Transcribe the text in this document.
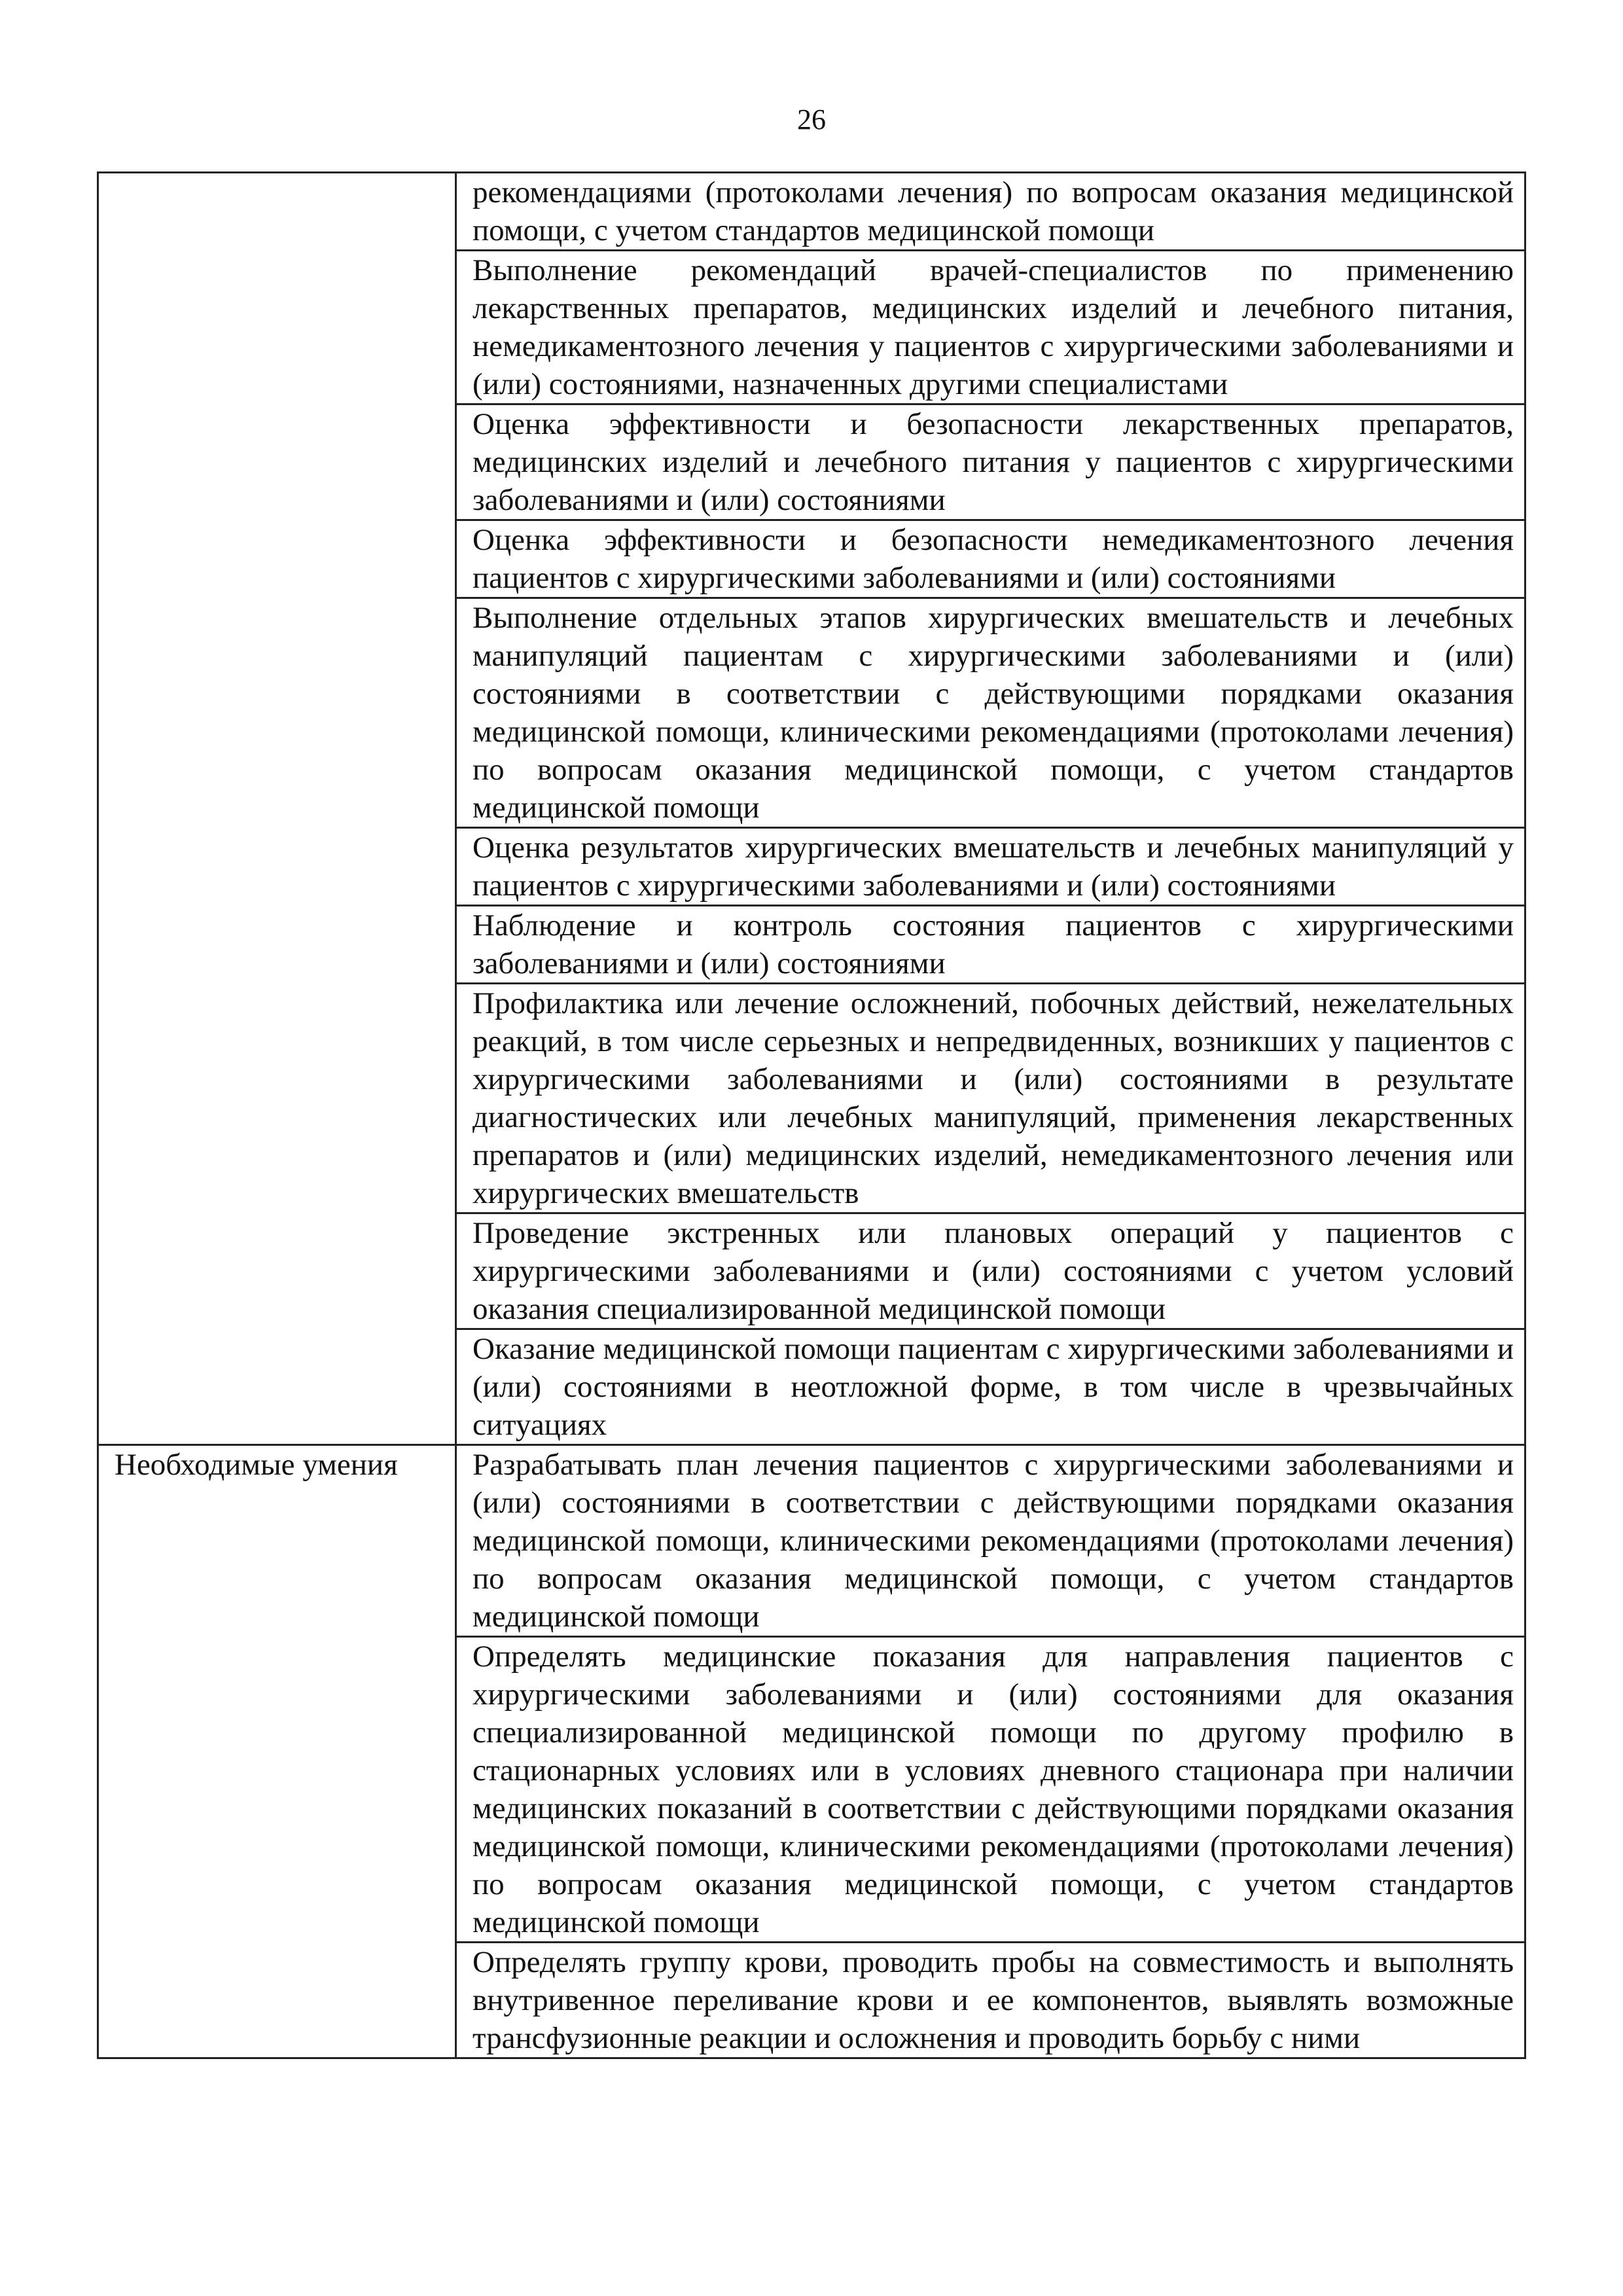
26
	рекомендациями (протоколами лечения) по вопросам оказания медицинской помощи, с учетом стандартов медицинской помощи
	Выполнение рекомендаций врачей-специалистов по применению лекарственных препаратов, медицинских изделий и лечебного питания, немедикаментозного лечения у пациентов с хирургическими заболеваниями и (или) состояниями, назначенных другими специалистами
	Оценка эффективности и безопасности лекарственных препаратов, медицинских изделий и лечебного питания у пациентов с хирургическими заболеваниями и (или) состояниями
	Оценка эффективности и безопасности немедикаментозного лечения пациентов с хирургическими заболеваниями и (или) состояниями
	Выполнение отдельных этапов хирургических вмешательств и лечебных манипуляций пациентам с хирургическими заболеваниями и (или) состояниями в соответствии с действующими порядками оказания медицинской помощи, клиническими рекомендациями (протоколами лечения) по вопросам оказания медицинской помощи, с учетом стандартов медицинской помощи
	Оценка результатов хирургических вмешательств и лечебных манипуляций у пациентов с хирургическими заболеваниями и (или) состояниями
	Наблюдение и контроль состояния пациентов с хирургическими заболеваниями и (или) состояниями
	Профилактика или лечение осложнений, побочных действий, нежелательных реакций, в том числе серьезных и непредвиденных, возникших у пациентов с хирургическими заболеваниями и (или) состояниями в результате диагностических или лечебных манипуляций, применения лекарственных препаратов и (или) медицинских изделий, немедикаментозного лечения или хирургических вмешательств
	Проведение экстренных или плановых операций у пациентов с хирургическими заболеваниями и (или) состояниями с учетом условий оказания специализированной медицинской помощи
	Оказание медицинской помощи пациентам с хирургическими заболеваниями и (или) состояниями в неотложной форме, в том числе в чрезвычайных ситуациях
Необходимые умения	Разрабатывать план лечения пациентов с хирургическими заболеваниями и (или) состояниями в соответствии с действующими порядками оказания медицинской помощи, клиническими рекомендациями (протоколами лечения) по вопросам оказания медицинской помощи, с учетом стандартов медицинской помощи
	Определять медицинские показания для направления пациентов с хирургическими заболеваниями и (или) состояниями для оказания специализированной медицинской помощи по другому профилю в стационарных условиях или в условиях дневного стационара при наличии медицинских показаний в соответствии с действующими порядками оказания медицинской помощи, клиническими рекомендациями (протоколами лечения) по вопросам оказания медицинской помощи, с учетом стандартов медицинской помощи
	Определять группу крови, проводить пробы на совместимость и выполнять внутривенное переливание крови и ее компонентов, выявлять возможные трансфузионные реакции и осложнения и проводить борьбу с ними
